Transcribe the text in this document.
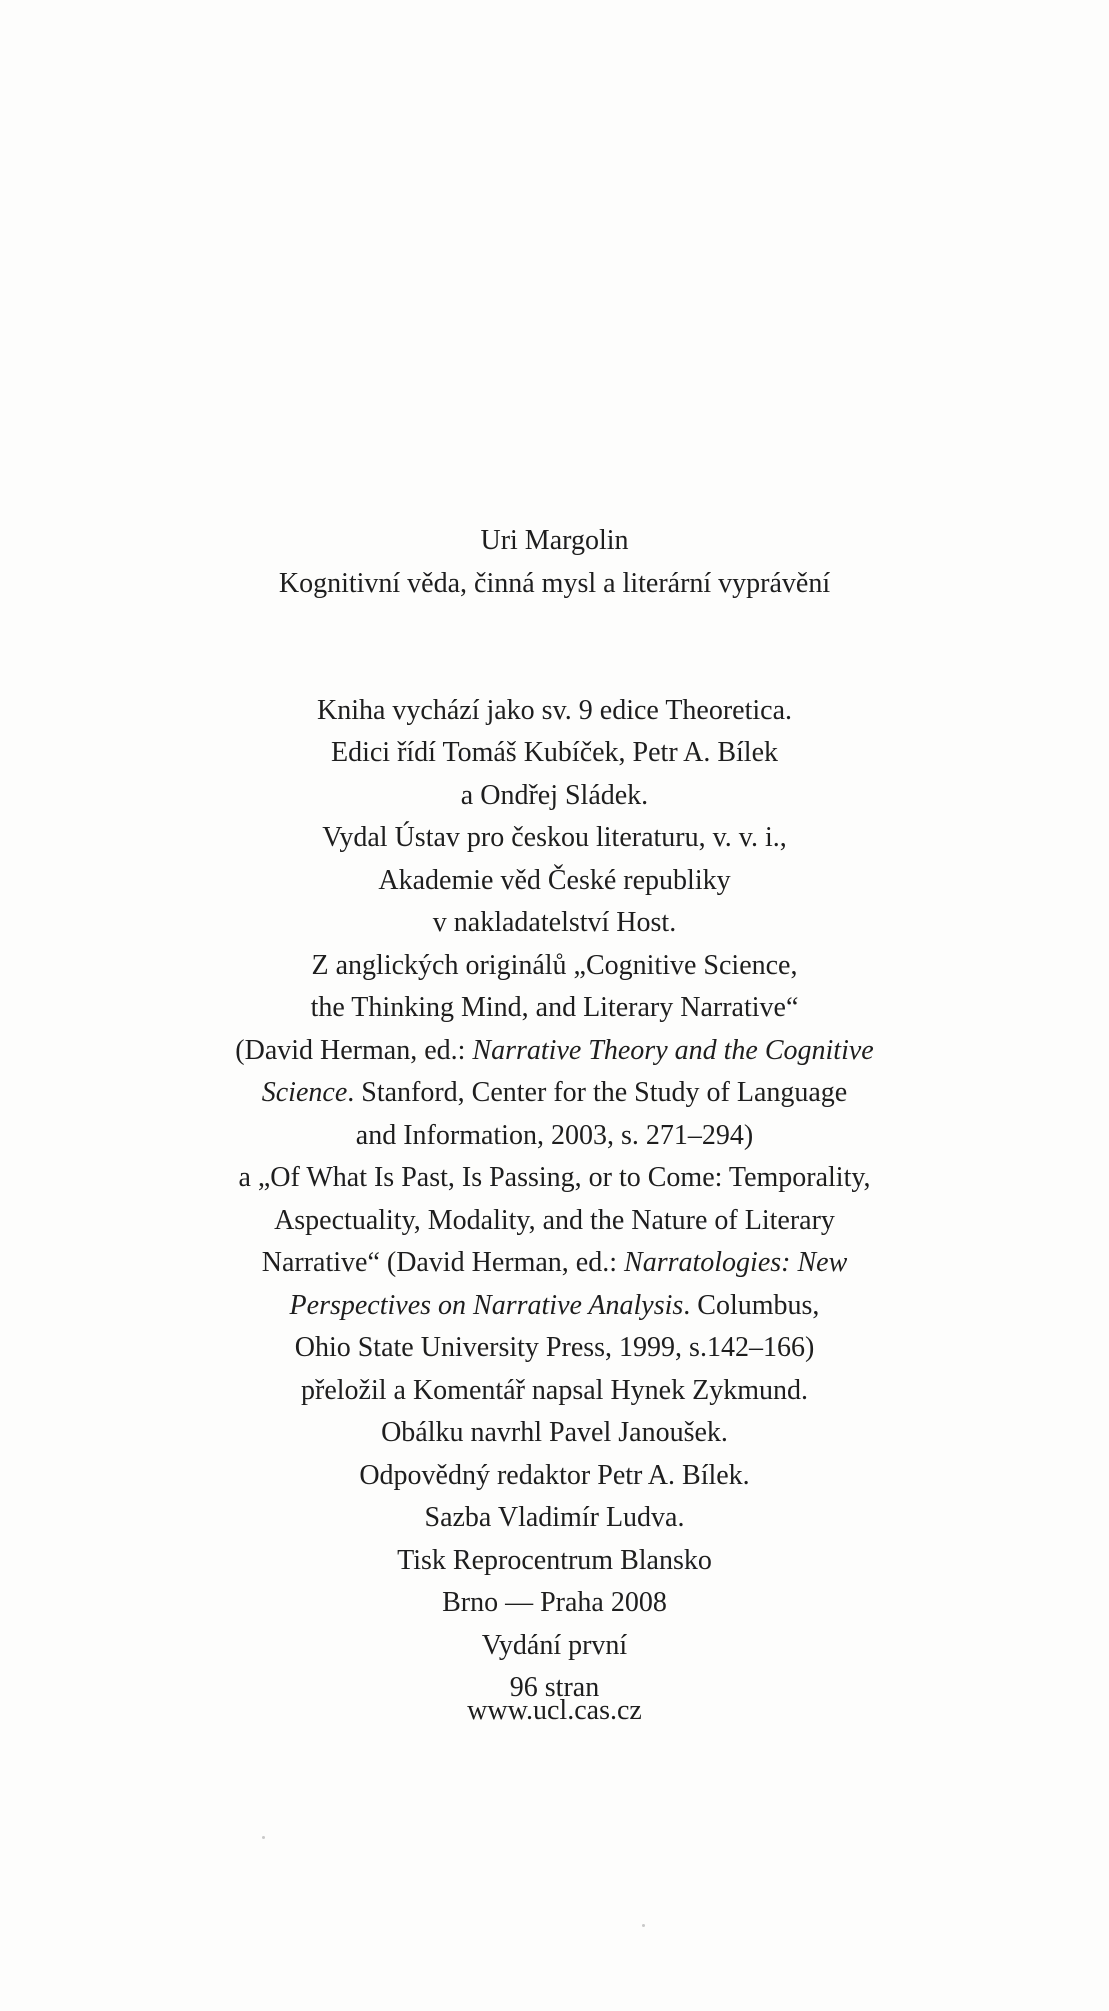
Uri Margolin
Kognitivní věda, činná mysl a literární vyprávění
Kniha vychází jako sv. 9 edice Theoretica.
Edici řídí Tomáš Kubíček, Petr A. Bílek
a Ondřej Sládek.
Vydal Ústav pro českou literaturu, v. v. i.,
Akademie věd České republiky
v nakladatelství Host.
Z anglických originálů „Cognitive Science,
the Thinking Mind, and Literary Narrative“
(David Herman, ed.: Narrative Theory and the Cognitive
Science. Stanford, Center for the Study of Language
and Information, 2003, s. 271–294)
a „Of What Is Past, Is Passing, or to Come: Temporality,
Aspectuality, Modality, and the Nature of Literary
Narrative“ (David Herman, ed.: Narratologies: New
Perspectives on Narrative Analysis. Columbus,
Ohio State University Press, 1999, s.142–166)
přeložil a Komentář napsal Hynek Zykmund.
Obálku navrhl Pavel Janoušek.
Odpovědný redaktor Petr A. Bílek.
Sazba Vladimír Ludva.
Tisk Reprocentrum Blansko
Brno — Praha 2008
Vydání první
96 stran
www.ucl.cas.cz
